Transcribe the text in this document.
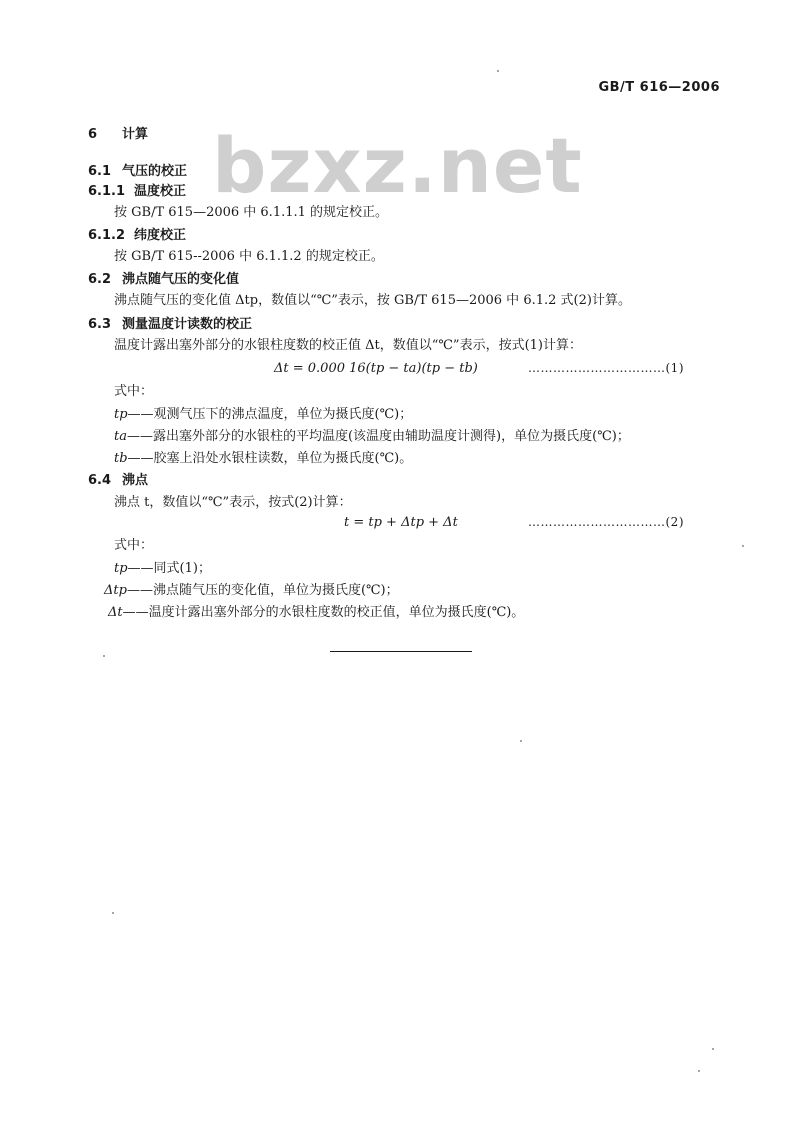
GB/T 616—2006
bzxz.net
6 计算
6.1 气压的校正
6.1.1 温度校正
按 GB/T 615—2006 中 6.1.1.1 的规定校正。
6.1.2 纬度校正
按 GB/T 615--2006 中 6.1.1.2 的规定校正。
6.2 沸点随气压的变化值
沸点随气压的变化值 Δtp，数值以“℃”表示，按 GB/T 615—2006 中 6.1.2 式(2)计算。
6.3 测量温度计读数的校正
温度计露出塞外部分的水银柱度数的校正值 Δt，数值以“℃”表示，按式(1)计算：
Δt = 0.000 16(tp − ta)(tp − tb)	……………………………(1)
式中：
tp——观测气压下的沸点温度，单位为摄氏度(℃)；
ta——露出塞外部分的水银柱的平均温度(该温度由辅助温度计测得)，单位为摄氏度(℃)；
tb——胶塞上沿处水银柱读数，单位为摄氏度(℃)。
6.4 沸点
沸点 t，数值以“℃”表示，按式(2)计算：
t = tp + Δtp + Δt	……………………………(2)
式中：
tp——同式(1)；
Δtp——沸点随气压的变化值，单位为摄氏度(℃)；
Δt——温度计露出塞外部分的水银柱度数的校正值，单位为摄氏度(℃)。
